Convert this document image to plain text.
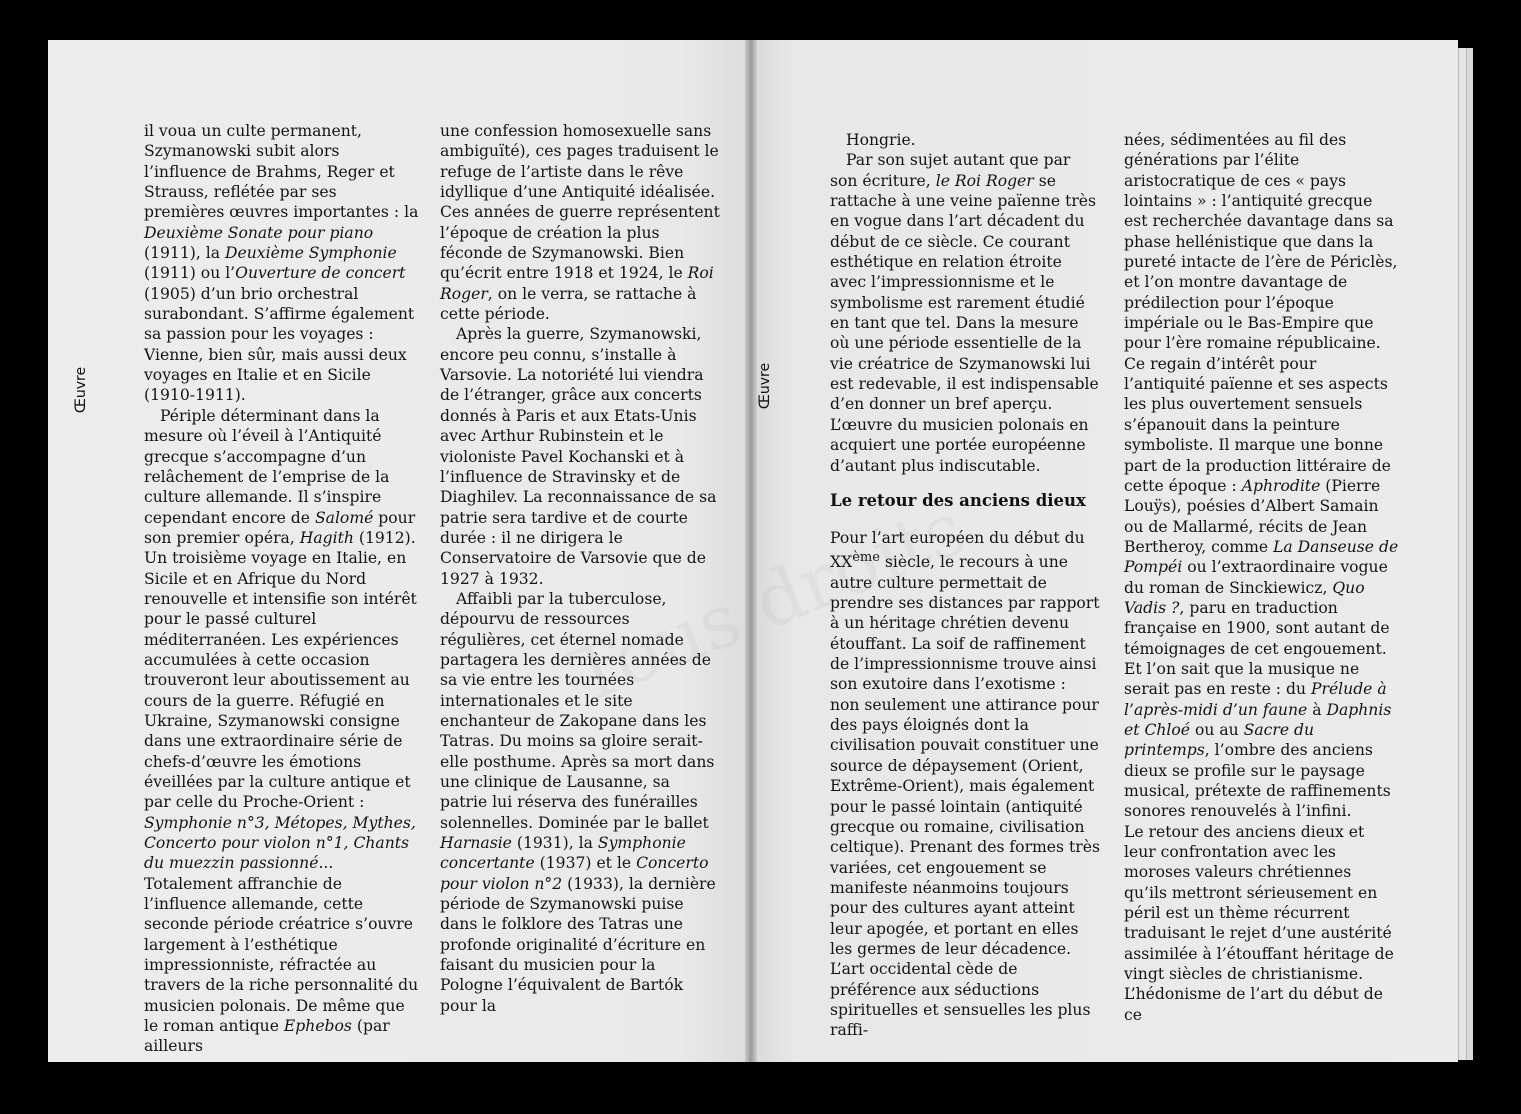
Œuvre	Œuvre

il voua un culte permanent, Szymanowski subit alors l’influence de Brahms, Reger et Strauss, reflétée par ses premières œuvres importantes : la Deuxième Sonate pour piano (1911), la Deuxième Symphonie (1911) ou l’Ouverture de concert (1905) d’un brio orchestral surabondant. S’affirme également sa passion pour les voyages : Vienne, bien sûr, mais aussi deux voyages en Italie et en Sicile (1910-1911).

Périple déterminant dans la mesure où l’éveil à l’Antiquité grecque s’accompagne d’un relâchement de l’emprise de la culture allemande. Il s’inspire cependant encore de Salomé pour son premier opéra, Hagith (1912). Un troisième voyage en Italie, en Sicile et en Afrique du Nord renouvelle et intensifie son intérêt pour le passé culturel méditerranéen. Les expériences accumulées à cette occasion trouveront leur aboutissement au cours de la guerre. Réfugié en Ukraine, Szymanowski consigne dans une extraordinaire série de chefs-d’œuvre les émotions éveillées par la culture antique et par celle du Proche-Orient : Symphonie n°3, Métopes, Mythes, Concerto pour violon n°1, Chants du muezzin passionné... Totalement affranchie de l’influence allemande, cette seconde période créatrice s’ouvre largement à l’esthétique impressionniste, réfractée au travers de la riche personnalité du musicien polonais. De même que le roman antique Ephebos (par ailleurs

une confession homosexuelle sans ambiguïté), ces pages traduisent le refuge de l’artiste dans le rêve idyllique d’une Antiquité idéalisée. Ces années de guerre représentent l’époque de création la plus féconde de Szymanowski. Bien qu’écrit entre 1918 et 1924, le Roi Roger, on le verra, se rattache à cette période.

Après la guerre, Szymanowski, encore peu connu, s’installe à Varsovie. La notoriété lui viendra de l’étranger, grâce aux concerts donnés à Paris et aux Etats-Unis avec Arthur Rubinstein et le violoniste Pavel Kochanski et à l’influence de Stravinsky et de Diaghilev. La reconnaissance de sa patrie sera tardive et de courte durée : il ne dirigera le Conservatoire de Varsovie que de 1927 à 1932.

Affaibli par la tuberculose, dépourvu de ressources régulières, cet éternel nomade partagera les dernières années de sa vie entre les tournées internationales et le site enchanteur de Zakopane dans les Tatras. Du moins sa gloire serait-elle posthume. Après sa mort dans une clinique de Lausanne, sa patrie lui réserva des funérailles solennelles. Dominée par le ballet Harnasie (1931), la Symphonie concertante (1937) et le Concerto pour violon n°2 (1933), la dernière période de Szymanowski puise dans le folklore des Tatras une profonde originalité d’écriture en faisant du musicien pour la Pologne l’équivalent de Bartók pour la

Hongrie.

Par son sujet autant que par son écriture, le Roi Roger se rattache à une veine païenne très en vogue dans l’art décadent du début de ce siècle. Ce courant esthétique en relation étroite avec l’impressionnisme et le symbolisme est rarement étudié en tant que tel. Dans la mesure où une période essentielle de la vie créatrice de Szymanowski lui est redevable, il est indispensable d’en donner un bref aperçu. L’œuvre du musicien polonais en acquiert une portée européenne d’autant plus indiscutable.

Le retour des anciens dieux

Pour l’art européen du début du XXème siècle, le recours à une autre culture permettait de prendre ses distances par rapport à un héritage chrétien devenu étouffant. La soif de raffinement de l’impressionnisme trouve ainsi son exutoire dans l’exotisme : non seulement une attirance pour des pays éloignés dont la civilisation pouvait constituer une source de dépaysement (Orient, Extrême-Orient), mais également pour le passé lointain (antiquité grecque ou romaine, civilisation celtique). Prenant des formes très variées, cet engouement se manifeste néanmoins toujours pour des cultures ayant atteint leur apogée, et portant en elles les germes de leur décadence. L’art occidental cède de préférence aux séductions spirituelles et sensuelles les plus raffi-

nées, sédimentées au fil des générations par l’élite aristocratique de ces « pays lointains » : l’antiquité grecque est recherchée davantage dans sa phase hellénistique que dans la pureté intacte de l’ère de Périclès, et l’on montre davantage de prédilection pour l’époque impériale ou le Bas-Empire que pour l’ère romaine républicaine. Ce regain d’intérêt pour l’antiquité païenne et ses aspects les plus ouvertement sensuels s’épanouit dans la peinture symboliste. Il marque une bonne part de la production littéraire de cette époque : Aphrodite (Pierre Louÿs), poésies d’Albert Samain ou de Mallarmé, récits de Jean Bertheroy, comme La Danseuse de Pompéi ou l’extraordinaire vogue du roman de Sinckiewicz, Quo Vadis ?, paru en traduction française en 1900, sont autant de témoignages de cet engouement. Et l’on sait que la musique ne serait pas en reste : du Prélude à l’après-midi d’un faune à Daphnis et Chloé ou au Sacre du printemps, l’ombre des anciens dieux se profile sur le paysage musical, prétexte de raffinements sonores renouvelés à l’infini.

Le retour des anciens dieux et leur confrontation avec les moroses valeurs chrétiennes qu’ils mettront sérieusement en péril est un thème récurrent traduisant le rejet d’une austérité assimilée à l’étouffant héritage de vingt siècles de christianisme. L’hédonisme de l’art du début de ce
